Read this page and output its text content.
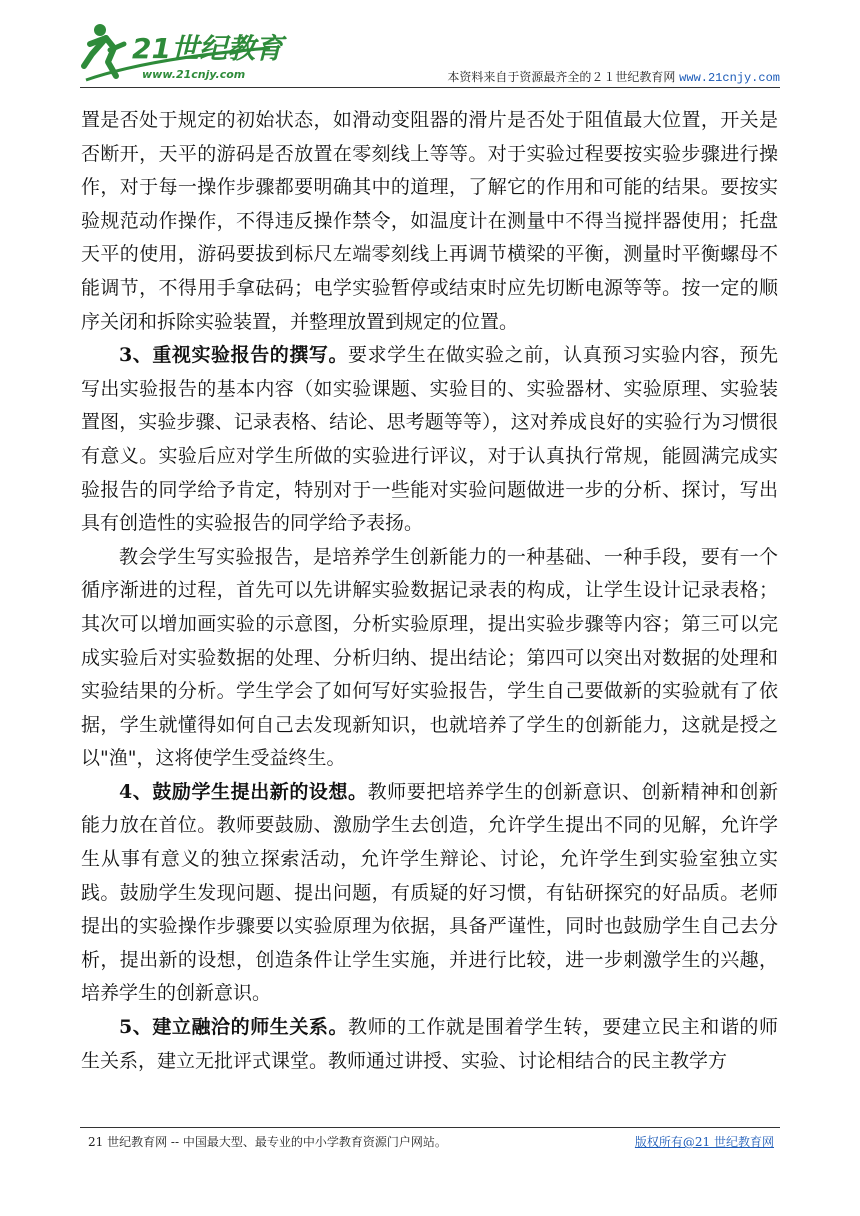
21世纪教育
www.21cnjy.com	本资料来自于资源最齐全的２１世纪教育网 www.21cnjy.com

置是否处于规定的初始状态，如滑动变阻器的滑片是否处于阻值最大位置，开关是否断开，天平的游码是否放置在零刻线上等等。对于实验过程要按实验步骤进行操作，对于每一操作步骤都要明确其中的道理，了解它的作用和可能的结果。要按实验规范动作操作，不得违反操作禁令，如温度计在测量中不得当搅拌器使用；托盘天平的使用，游码要拔到标尺左端零刻线上再调节横梁的平衡，测量时平衡螺母不能调节，不得用手拿砝码；电学实验暂停或结束时应先切断电源等等。按一定的顺序关闭和拆除实验装置，并整理放置到规定的位置。

3、重视实验报告的撰写。要求学生在做实验之前，认真预习实验内容，预先写出实验报告的基本内容（如实验课题、实验目的、实验器材、实验原理、实验装置图，实验步骤、记录表格、结论、思考题等等），这对养成良好的实验行为习惯很有意义。实验后应对学生所做的实验进行评议，对于认真执行常规，能圆满完成实验报告的同学给予肯定，特别对于一些能对实验问题做进一步的分析、探讨，写出具有创造性的实验报告的同学给予表扬。

教会学生写实验报告，是培养学生创新能力的一种基础、一种手段，要有一个循序渐进的过程，首先可以先讲解实验数据记录表的构成，让学生设计记录表格；其次可以增加画实验的示意图，分析实验原理，提出实验步骤等内容；第三可以完成实验后对实验数据的处理、分析归纳、提出结论；第四可以突出对数据的处理和实验结果的分析。学生学会了如何写好实验报告，学生自己要做新的实验就有了依据，学生就懂得如何自己去发现新知识，也就培养了学生的创新能力，这就是授之以"渔"，这将使学生受益终生。

4、鼓励学生提出新的设想。教师要把培养学生的创新意识、创新精神和创新能力放在首位。教师要鼓励、激励学生去创造，允许学生提出不同的见解，允许学生从事有意义的独立探索活动，允许学生辩论、讨论，允许学生到实验室独立实践。鼓励学生发现问题、提出问题，有质疑的好习惯，有钻研探究的好品质。老师提出的实验操作步骤要以实验原理为依据，具备严谨性，同时也鼓励学生自己去分析，提出新的设想，创造条件让学生实施，并进行比较，进一步刺激学生的兴趣，培养学生的创新意识。

5、建立融洽的师生关系。教师的工作就是围着学生转，要建立民主和谐的师生关系，建立无批评式课堂。教师通过讲授、实验、讨论相结合的民主教学方

21 世纪教育网 -- 中国最大型、最专业的中小学教育资源门户网站。	版权所有@21 世纪教育网
